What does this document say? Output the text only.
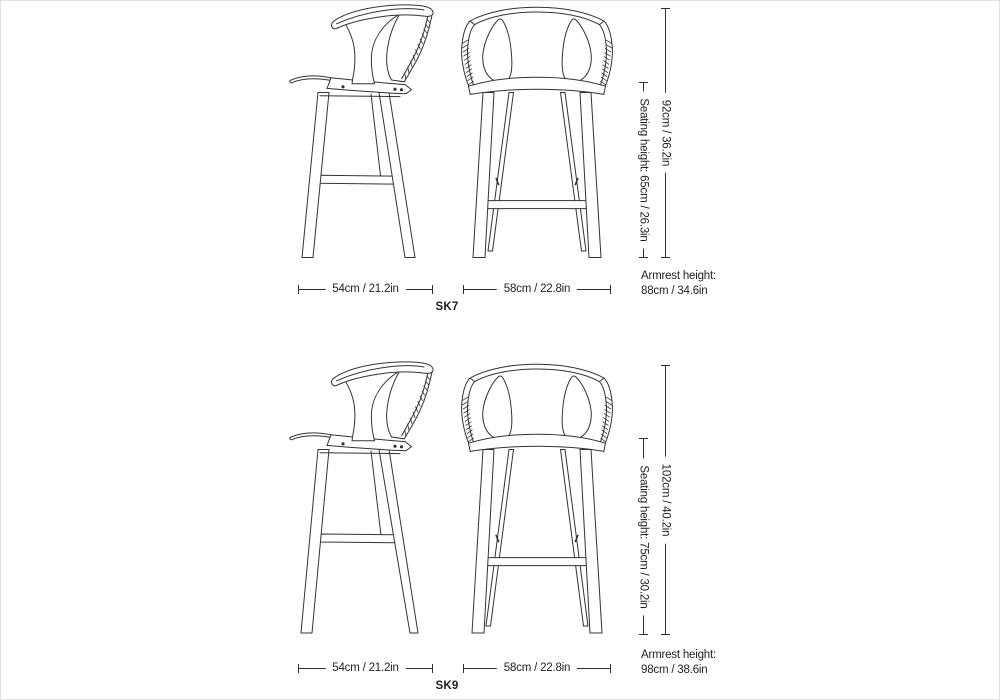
92cm / 36.2in
Seating height: 65cm / 26.3in
Armrest height:
88cm / 34.6in
54cm / 21.2in	58cm / 22.8in
SK7
102cm / 40.2in
Seating height: 75cm / 30.2in
Armrest height:
98cm / 38.6in
54cm / 21.2in	58cm / 22.8in
SK9
